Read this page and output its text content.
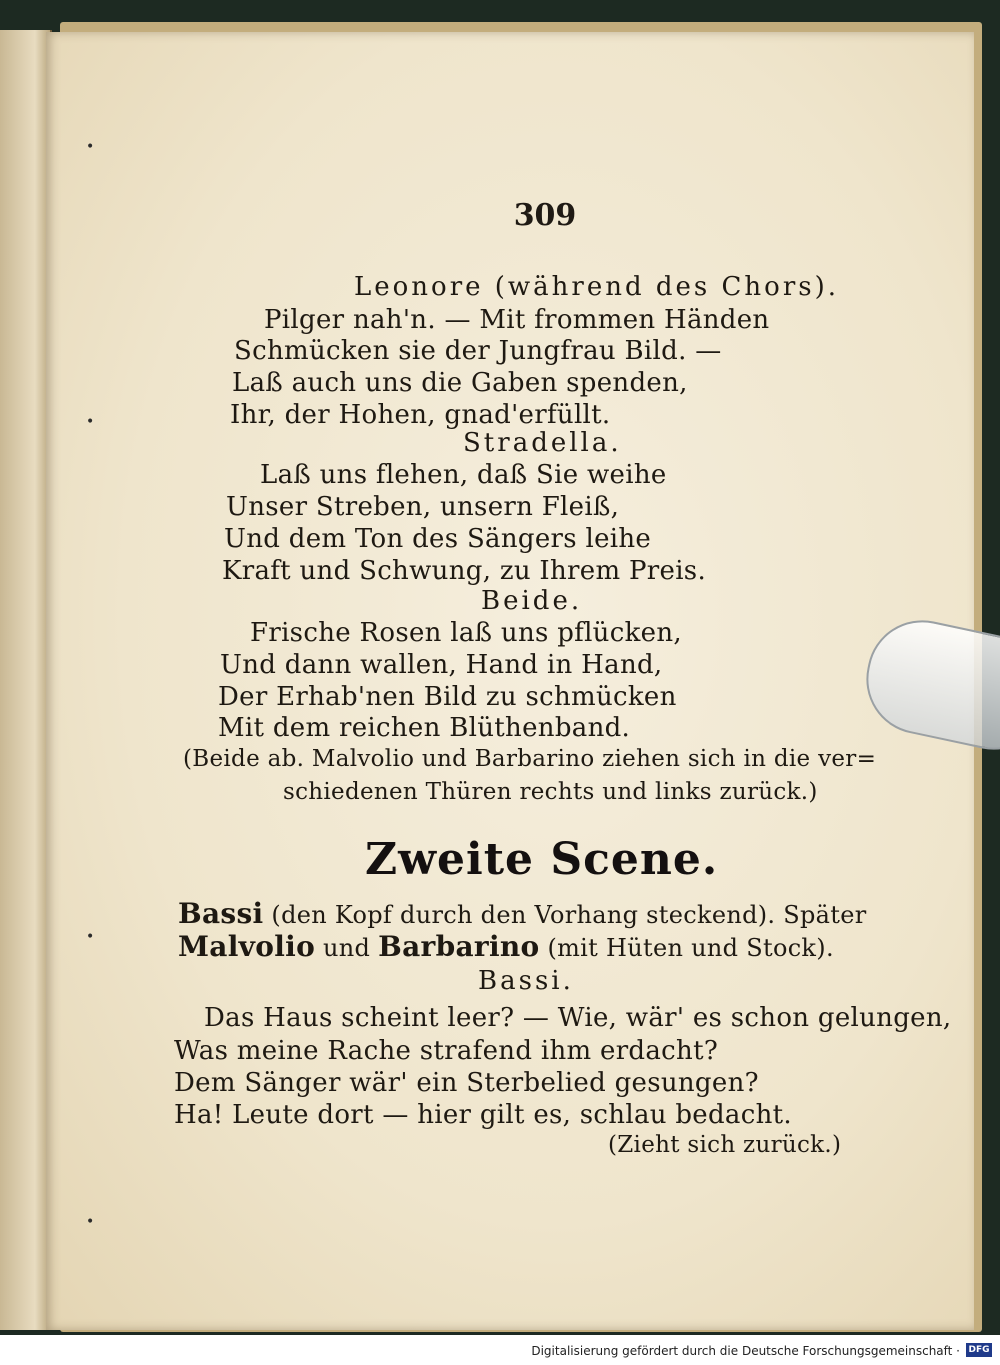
•
•
•
•
309
Leonore (während des Chors).
Pilger nah'n. — Mit frommen Händen
Schmücken sie der Jungfrau Bild. —
Laß auch uns die Gaben spenden,
Ihr, der Hohen, gnad'erfüllt.
Stradella.
Laß uns flehen, daß Sie weihe
Unser Streben, unsern Fleiß,
Und dem Ton des Sängers leihe
Kraft und Schwung, zu Ihrem Preis.
Beide.
Frische Rosen laß uns pflücken,
Und dann wallen, Hand in Hand,
Der Erhab'nen Bild zu schmücken
Mit dem reichen Blüthenband.
(Beide ab. Malvolio und Barbarino ziehen sich in die ver=
schiedenen Thüren rechts und links zurück.)
Zweite Scene.
Bassi (den Kopf durch den Vorhang steckend). Später
Malvolio und Barbarino (mit Hüten und Stock).
Bassi.
Das Haus scheint leer? — Wie, wär' es schon gelungen,
Was meine Rache strafend ihm erdacht?
Dem Sänger wär' ein Sterbelied gesungen?
Ha! Leute dort — hier gilt es, schlau bedacht.
(Zieht sich zurück.)
Digitalisierung gefördert durch die Deutsche Forschungsgemeinschaft · DFG
